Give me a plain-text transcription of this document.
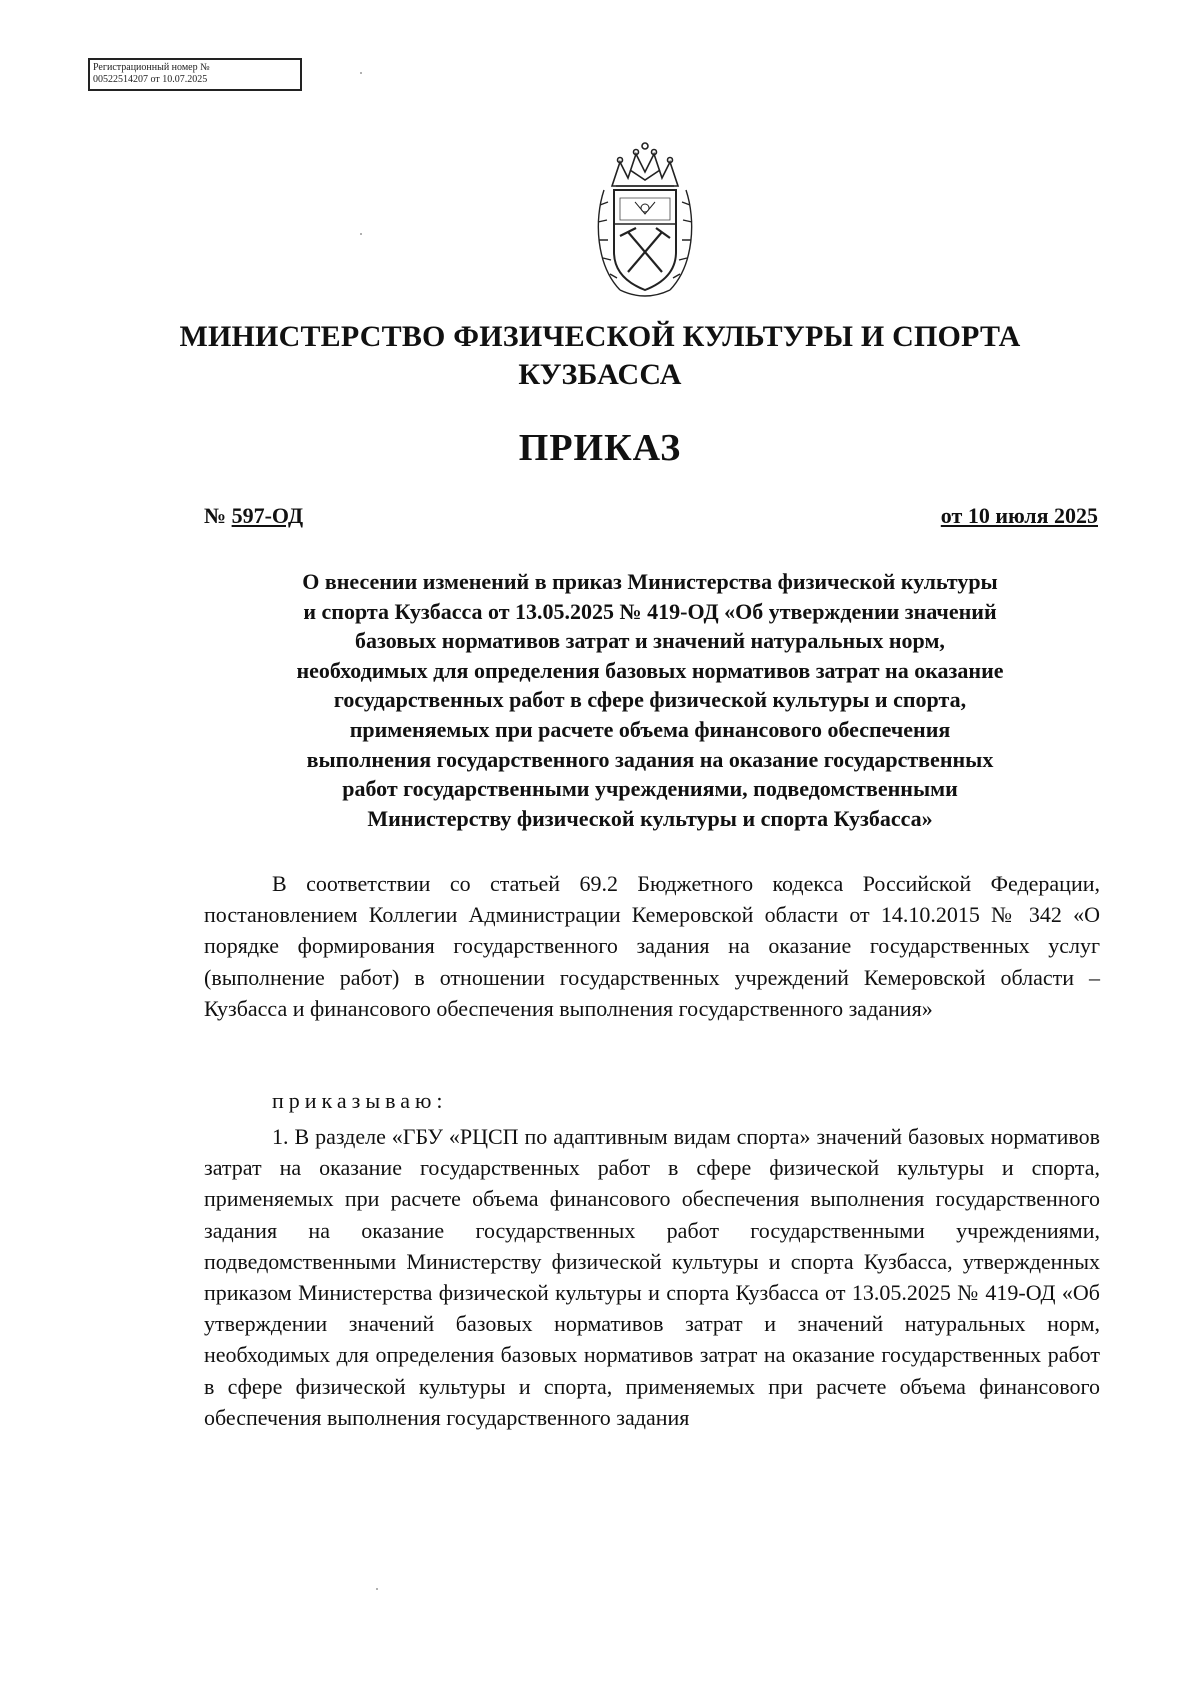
Регистрационный номер №
00522514207 от 10.07.2025
МИНИСТЕРСТВО ФИЗИЧЕСКОЙ КУЛЬТУРЫ И СПОРТА
КУЗБАССА
ПРИКАЗ
№ 597-ОД	от 10 июля 2025
О внесении изменений в приказ Министерства физической культуры
и спорта Кузбасса от 13.05.2025 № 419-ОД «Об утверждении значений
базовых нормативов затрат и значений натуральных норм,
необходимых для определения базовых нормативов затрат на оказание
государственных работ в сфере физической культуры и спорта,
применяемых при расчете объема финансового обеспечения
выполнения государственного задания на оказание государственных
работ государственными учреждениями, подведомственными
Министерству физической культуры и спорта Кузбасса»
В соответствии со статьей 69.2 Бюджетного кодекса Российской Федерации, постановлением Коллегии Администрации Кемеровской области от 14.10.2015 № 342 «О порядке формирования государственного задания на оказание государственных услуг (выполнение работ) в отношении государственных учреждений Кемеровской области – Кузбасса и финансового обеспечения выполнения государственного задания»
приказываю:
1. В разделе «ГБУ «РЦСП по адаптивным видам спорта» значений базовых нормативов затрат на оказание государственных работ в сфере физической культуры и спорта, применяемых при расчете объема финансового обеспечения выполнения государственного задания на оказание государственных работ государственными учреждениями, подведомственными Министерству физической культуры и спорта Кузбасса, утвержденных приказом Министерства физической культуры и спорта Кузбасса от 13.05.2025 № 419-ОД «Об утверждении значений базовых нормативов затрат и значений натуральных норм, необходимых для определения базовых нормативов затрат на оказание государственных работ в сфере физической культуры и спорта, применяемых при расчете объема финансового обеспечения выполнения государственного задания
